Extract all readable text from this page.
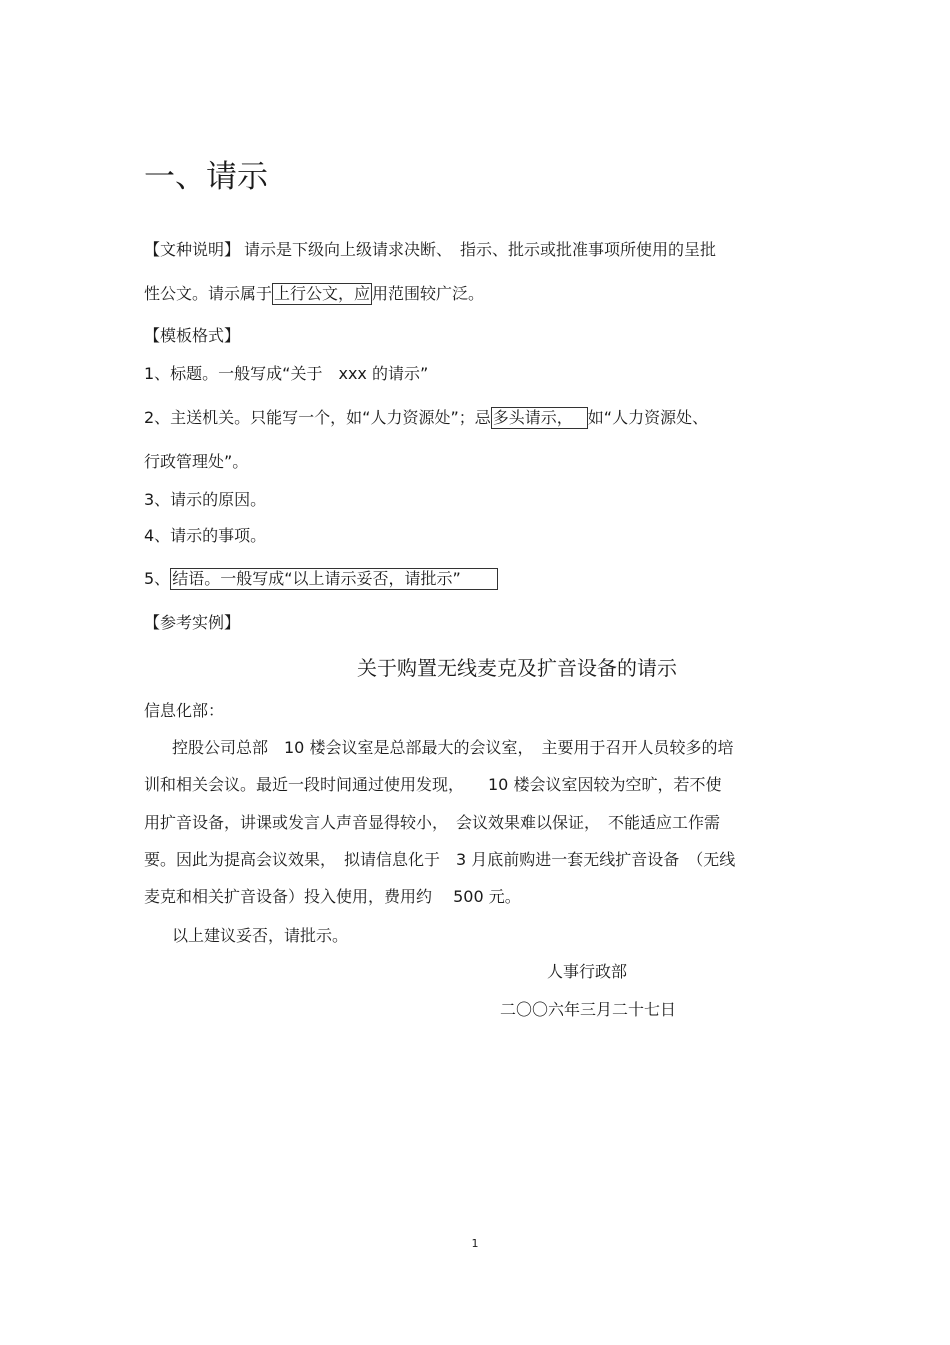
一、请示
【文种说明】 请示是下级向上级请求决断、　指示、批示或批准事项所使用的呈批
性公文。请示属于 上行公文，应 用范围较广泛。
【模板格式】
1、标题。一般写成“关于　xxx 的请示”
2、主送机关。只能写一个，如“人力资源处”；忌 多头请示， 如“人力资源处、
行政管理处”。
3、请示的原因。
4、请示的事项。
5、 结语。一般写成“以上请示妥否，请批示”
【参考实例】
关于购置无线麦克及扩音设备的请示
信息化部：
控股公司总部　10 楼会议室是总部最大的会议室，　主要用于召开人员较多的培
训和相关会议。最近一段时间通过使用发现，　　10 楼会议室因较为空旷，若不使
用扩音设备，讲课或发言人声音显得较小，　会议效果难以保证，　不能适应工作需
要。因此为提高会议效果，　拟请信息化于　3 月底前购进一套无线扩音设备　（无线
麦克和相关扩音设备）投入使用，费用约　 500 元。
以上建议妥否，请批示。
人事行政部
二〇〇六年三月二十七日
1
